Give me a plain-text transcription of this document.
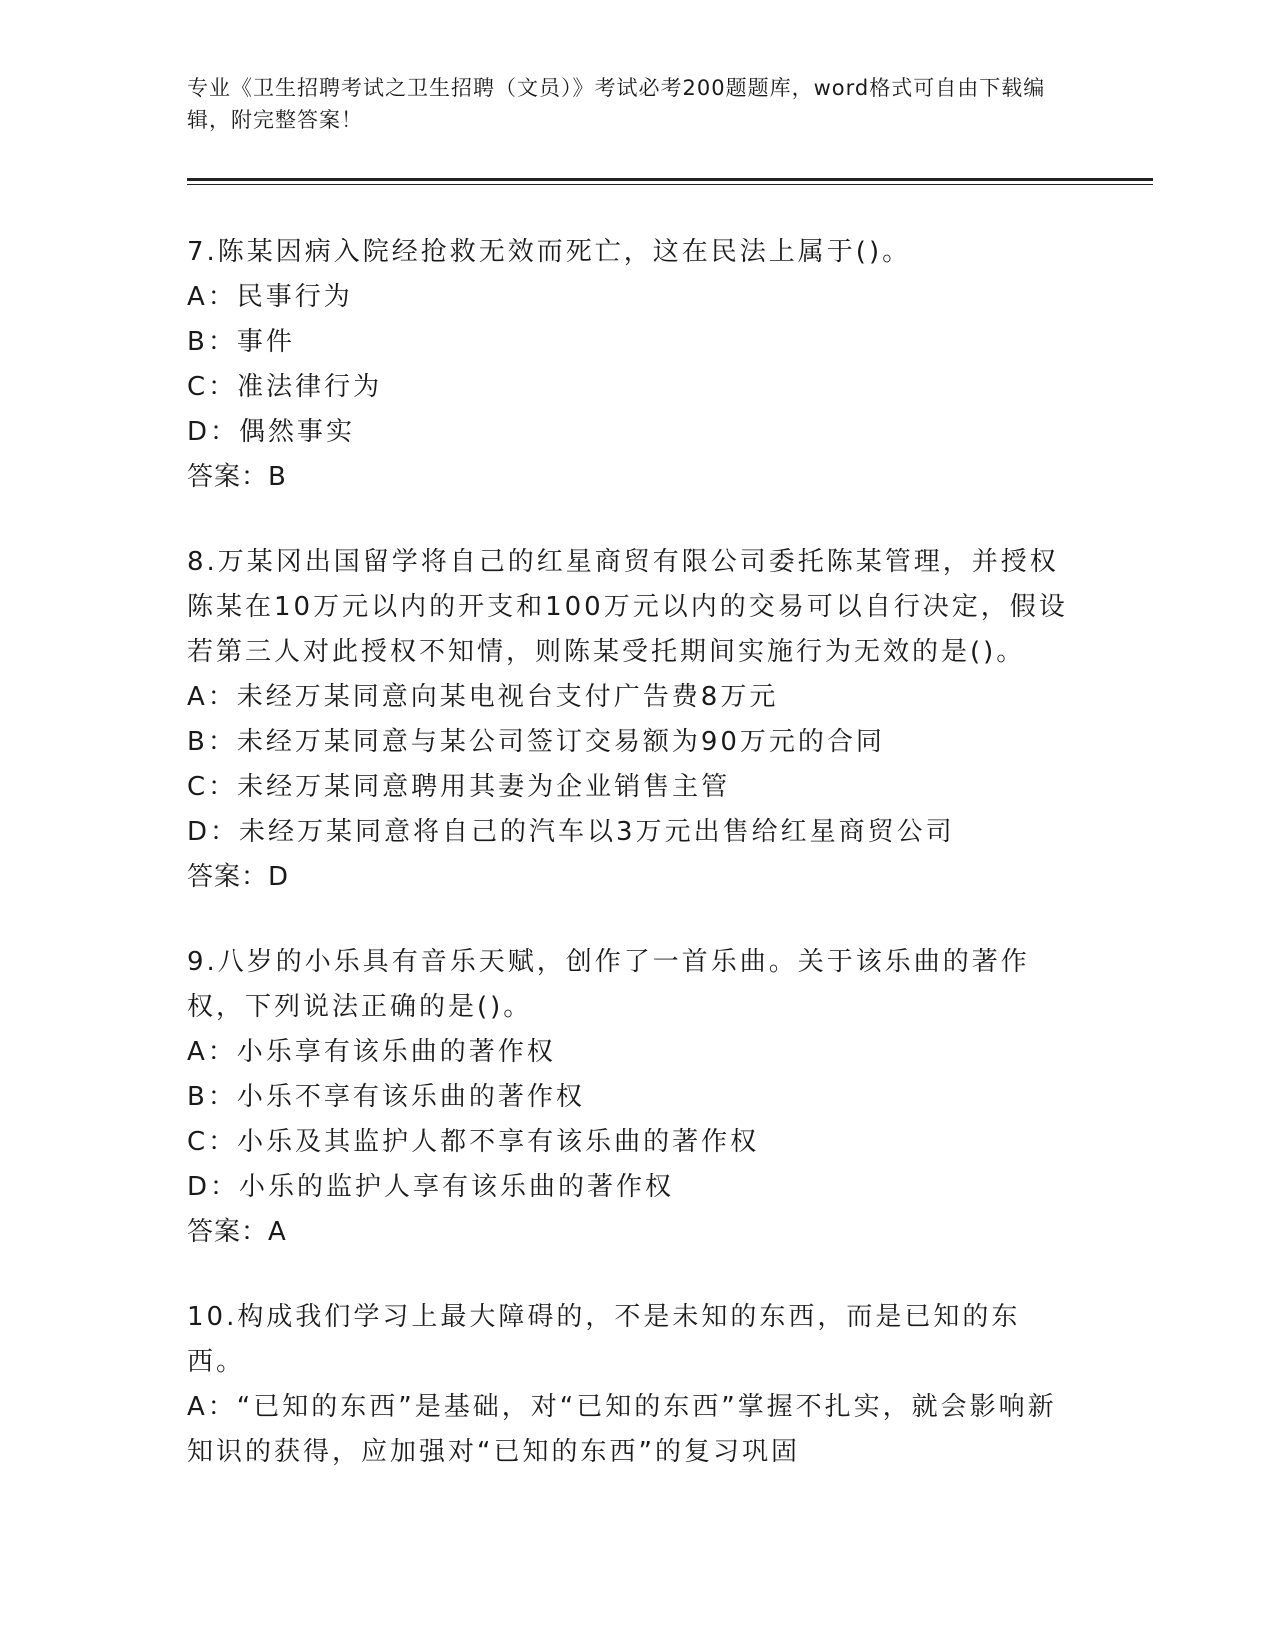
专业《卫生招聘考试之卫生招聘（文员）》考试必考200题题库，word格式可自由下载编辑，附完整答案！

7.陈某因病入院经抢救无效而死亡，这在民法上属于()。

A：民事行为

B：事件

C：准法律行为

D：偶然事实

答案：B

8.万某冈出国留学将自己的红星商贸有限公司委托陈某管理，并授权陈某在10万元以内的开支和100万元以内的交易可以自行决定，假设若第三人对此授权不知情，则陈某受托期间实施行为无效的是()。

A：未经万某同意向某电视台支付广告费8万元

B：未经万某同意与某公司签订交易额为90万元的合同

C：未经万某同意聘用其妻为企业销售主管

D：未经万某同意将自己的汽车以3万元出售给红星商贸公司

答案：D

9.八岁的小乐具有音乐天赋，创作了一首乐曲。关于该乐曲的著作权，下列说法正确的是()。

A：小乐享有该乐曲的著作权

B：小乐不享有该乐曲的著作权

C：小乐及其监护人都不享有该乐曲的著作权

D：小乐的监护人享有该乐曲的著作权

答案：A

10.构成我们学习上最大障碍的，不是未知的东西，而是已知的东西。

A：“已知的东西”是基础，对“已知的东西”掌握不扎实，就会影响新知识的获得，应加强对“已知的东西”的复习巩固
